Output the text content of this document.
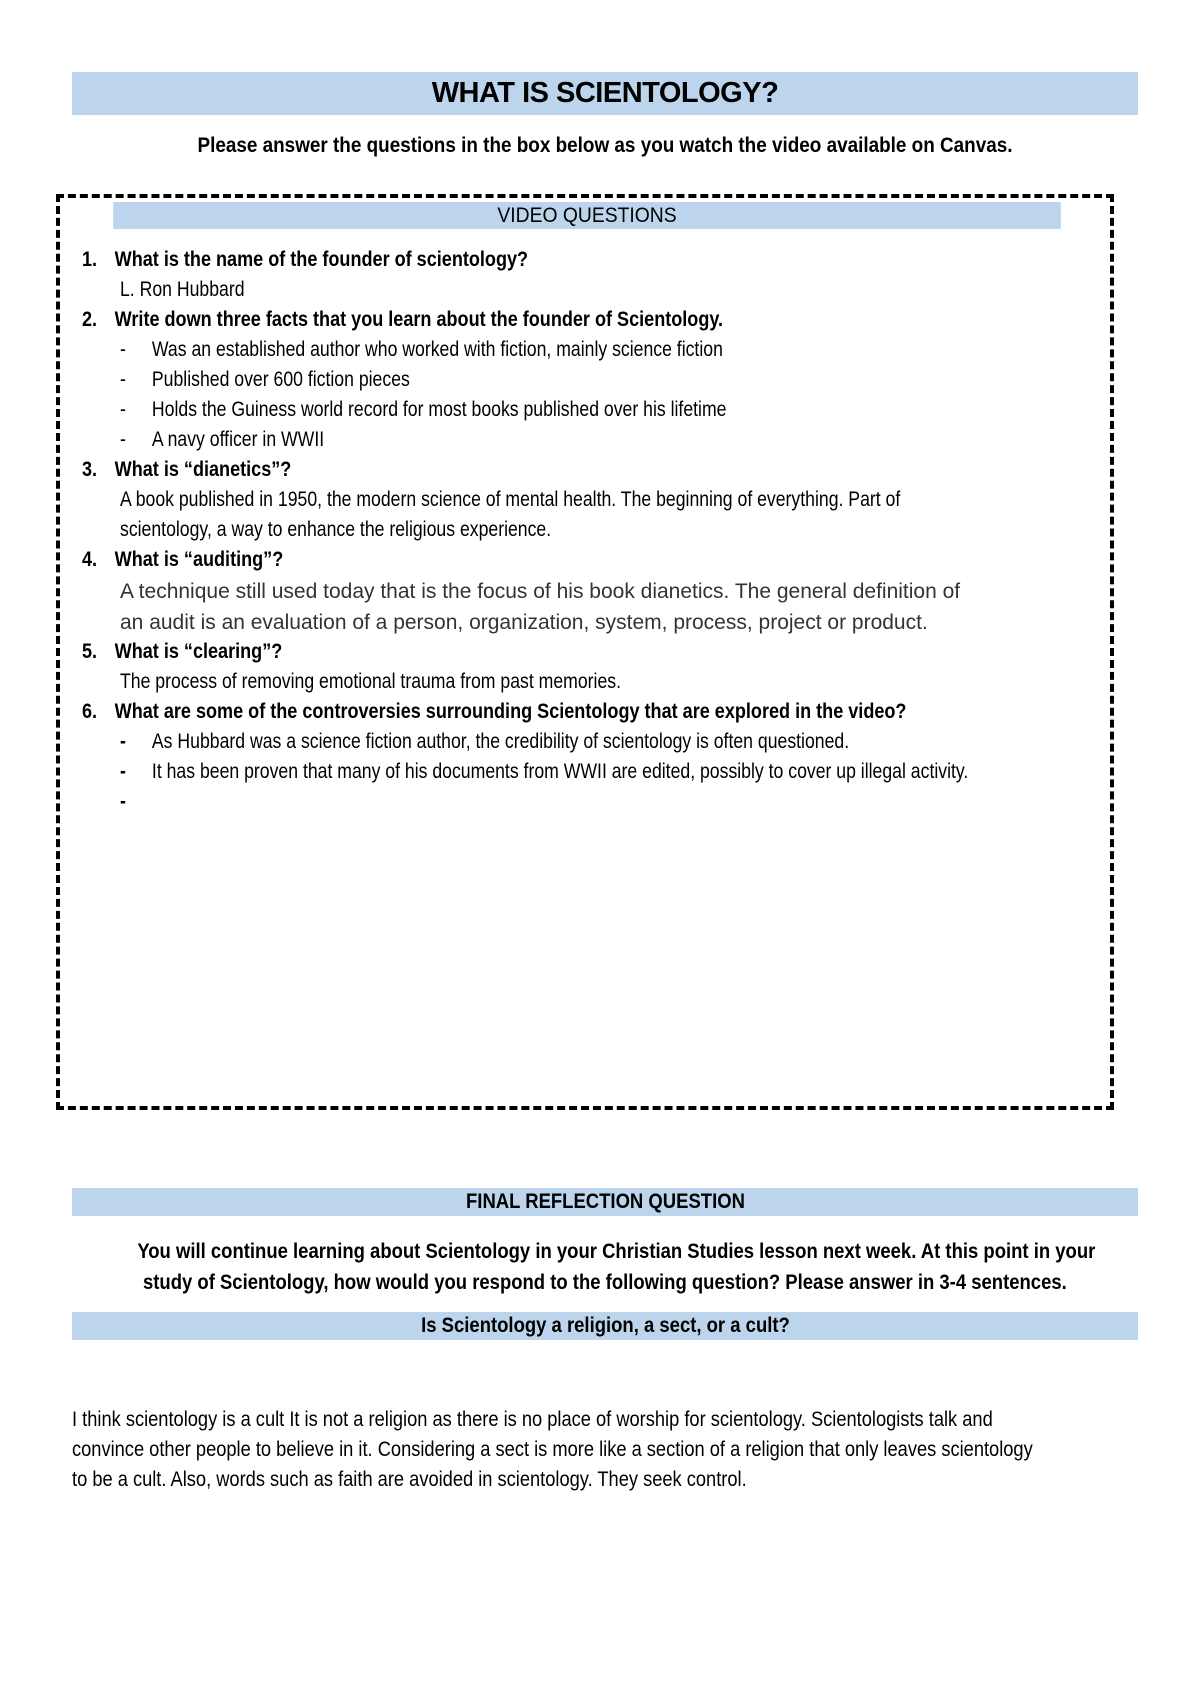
WHAT IS SCIENTOLOGY?
Please answer the questions in the box below as you watch the video available on Canvas.
VIDEO QUESTIONS
1. What is the name of the founder of scientology?
L. Ron Hubbard
2. Write down three facts that you learn about the founder of Scientology.
- Was an established author who worked with fiction, mainly science fiction
- Published over 600 fiction pieces
- Holds the Guiness world record for most books published over his lifetime
- A navy officer in WWII
3. What is “dianetics”?
A book published in 1950, the modern science of mental health. The beginning of everything. Part of
scientology, a way to enhance the religious experience.
4. What is “auditing”?
A technique still used today that is the focus of his book dianetics. The general definition of
an audit is an evaluation of a person, organization, system, process, project or product.
5. What is “clearing”?
The process of removing emotional trauma from past memories.
6. What are some of the controversies surrounding Scientology that are explored in the video?
- As Hubbard was a science fiction author, the credibility of scientology is often questioned.
- It has been proven that many of his documents from WWII are edited, possibly to cover up illegal activity.
-
FINAL REFLECTION QUESTION
You will continue learning about Scientology in your Christian Studies lesson next week. At this point in your
study of Scientology, how would you respond to the following question? Please answer in 3-4 sentences.
Is Scientology a religion, a sect, or a cult?
I think scientology is a cult It is not a religion as there is no place of worship for scientology. Scientologists talk and
convince other people to believe in it. Considering a sect is more like a section of a religion that only leaves scientology
to be a cult. Also, words such as faith are avoided in scientology. They seek control.
